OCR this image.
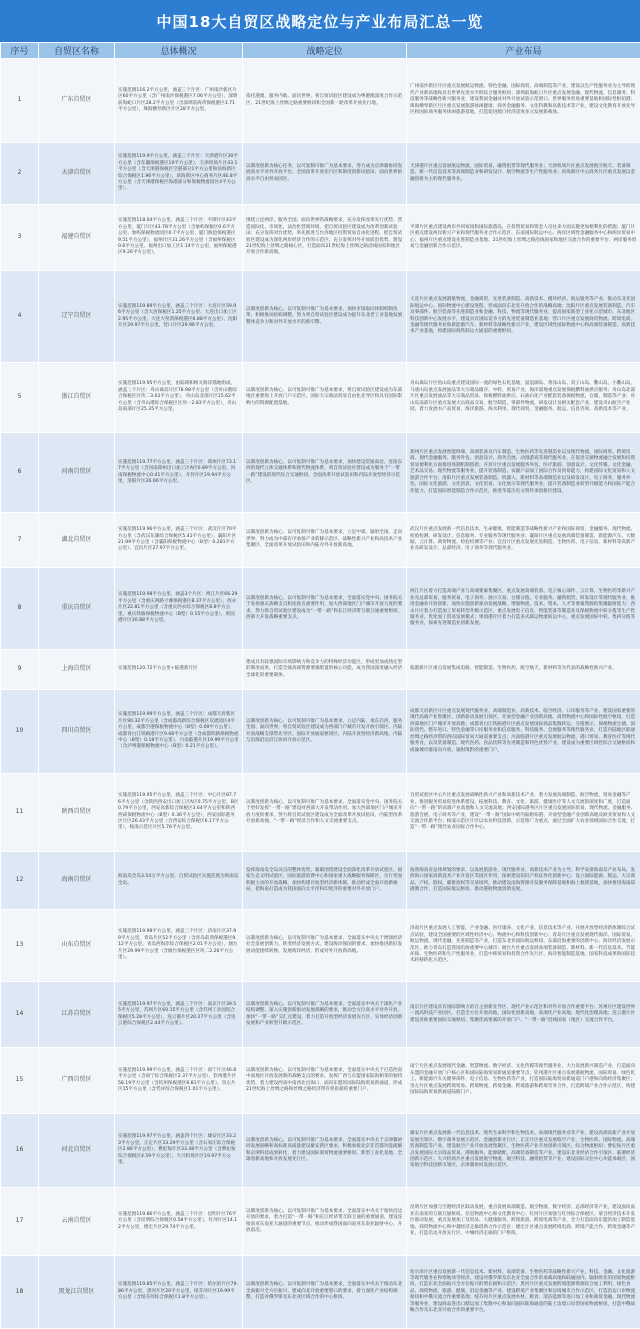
中国18大自贸区战略定位与产业布局汇总一览
序号	自贸区名称	总体概况	战略定位	产业布局
1	广东自贸区	实施范围116.2平方公里，涵盖三个片区：广州南沙新区片区60平方公里（含广州南沙保税港区7.06平方公里），深圳前海蛇口片区28.2平方公里（含深圳前海湾保税港区3.71平方公里），珠海横琴新区片区28平方公里。	依托港澳、服务内地、面向世界，将自贸试验区建设成为粤港澳深度合作示范区、21世纪海上丝绸之路重要枢纽和全国新一轮改革开放先行地。	广州南沙新区片区重点发展航运物流、特色金融、国际商贸、高端制造等产业，建设以生产性服务业为主导的现代产业新高地和具有世界先进水平的综合服务枢纽；深圳前海蛇口片区重点发展金融、现代物流、信息服务、科技服务等战略性新兴服务业，建设我国金融业对外开放试验示范窗口、世界服务贸易重要基地和国际性枢纽港；珠海横琴新区片区重点发展旅游休闲健康、商务金融服务、文化科教和高新技术等产业，建设文化教育开放先导区和国际商务服务休闲旅游基地，打造促进澳门经济适度多元发展新载体。
2	天津自贸区	实施范围119.9平方公里，涵盖三个片区：天津港片区30平方公里（含东疆保税港区10平方公里），天津机场片区43.1平方公里（含天津港保税区空港部分1平方公里和滨海新区综合保税区1.96平方公里），滨海新区中心商务片区46.8平方公里（含天津港保税区海港部分和保税物流园区4平方公里）。	以制度创新为核心任务，以可复制可推广为基本要求，努力成为京津冀协同发展高水平对外开放平台、全国改革开放先行区和制度创新试验田、面向世界的高水平自由贸易园区。	天津港片区重点发展航运物流、国际贸易、融资租赁等现代服务业；天津机场片区重点发展航空航天、装备制造、新一代信息技术等高端制造业和研发设计、航空物流等生产性服务业；滨海新区中心商务片区重点发展以金融创新为主的现代服务业。
3	福建自贸区	实施范围118.04平方公里，涵盖三个片区：平潭片区43平方公里，厦门片区43.78平方公里（含象屿保税区0.6平方公里、象屿保税物流园区0.7平方公里、厦门海沧保税港区9.51平方公里），福州片区31.26平方公里（含福州保税区0.6平方公里、福州出口加工区1.14平方公里、福州保税港区9.26平方公里）。	围绕立足两岸、服务全国、面向世界的战略要求，充分发挥改革先行优势，营造国际化、市场化、法治化营商环境，把自贸试验区建设成为改革创新试验田；充分发挥对台优势，率先推进与台湾地区投资贸易自由化进程，把自贸试验区建设成为深化两岸经济合作的示范区；充分发挥对外开放前沿优势，建设21世纪海上丝绸之路核心区，打造面向21世纪海上丝绸之路沿线国家和地区开放合作新高地。	平潭片区重点建设两岸共同家园和国际旅游岛，在投资贸易和资金人员往来方面实施更加便利化的措施；厦门片区重点建设两岸新兴产业和现代服务业合作示范区、东南国际航运中心、两岸区域性金融服务中心和两岸贸易中心；福州片区重点建设先进制造业基地、21世纪海上丝绸之路沿线国家和地区交流合作的重要平台、两岸服务贸易与金融创新合作示范区。
4	辽宁自贸区	实施范围119.89平方公里，涵盖三个片区：大连片区59.96平方公里（含大连保税区1.25平方公里、大连出口加工区2.95平方公里、大连大窑湾保税港区6.88平方公里），沈阳片区29.97平方公里，营口片区29.96平方公里。	以制度创新为核心，以可复制可推广为基本要求，加快市场取向体制机制改革、积极推动结构调整，努力将自贸试验区建设成为提升东北老工业基地发展整体竞争力和对外开放水平的新引擎。	大连片区重点发展港航物流、金融商贸、先进装备制造、高新技术、循环经济、航运服务等产业，推动东北亚国际航运中心、国际物流中心建设进程，形成面向东北亚开放合作的战略高地；沈阳片区重点发展装备制造、汽车及零部件、航空装备等先进制造业和金融、科技、物流等现代服务业，提高国家新型工业化示范城市、东北地区科技创新中心发展水平，建设具有国际竞争力的先进装备制造业基地；营口片区重点发展商贸物流、跨境电商、金融等现代服务业和新能源汽车、新材料等战略性新兴产业，建设区域性国际物流中心和高端装备制造、高新技术产业基地，构建国际海铁联运大通道的重要枢纽。
5	浙江自贸区	实施范围119.95平方公里，由陆域和相关海洋锚地组成，涵盖三个片区：舟山离岛片区78.98平方公里（含舟山港综合保税区区块二3.02平方公里），舟山岛北部片区15.62平方公里（含舟山港综合保税区区块一2.83平方公里），舟山岛南部片区25.35平方公里。	以制度创新为核心，以可复制可推广为基本要求，将自贸试验区建设成为东部地区重要海上开放门户示范区、国际大宗商品贸易自由化先导区和具有国际影响力的资源配置基地。	舟山离岛片区鱼山岛重点建设国际一流的绿色石化基地，鼠浪湖岛、黄泽山岛、双子山岛、衢山岛、小衢山岛、马迹山岛重点发展油品等大宗商品储存、中转、贸易产业，海洋锚地重点发展保税燃料油供应服务；舟山岛北部片区重点发展油品等大宗商品贸易、保税燃料油供应、石油石化产业配套装备保税物流、仓储、制造等产业；舟山岛南部片区重点发展大宗商品交易、航空制造、零部件物流、研发设计及相关配套产业，建设舟山航空产业园，着力发展水产品贸易、海洋旅游、海水利用、现代商贸、金融服务、航运、信息咨询、高新技术等产业。
6	河南自贸区	实施范围119.77平方公里，涵盖三个片区：郑州片区73.17平方公里（含河南郑州出口加工区A区0.89平方公里、河南保税物流中心0.41平方公里），开封片区19.94平方公里，洛阳片区26.66平方公里。	以制度创新为核心，以可复制可推广为基本要求，加快建设贯通南北、连接东西的现代立体交通体系和现代物流体系，将自贸试验区建设成为服务于“一带一路”建设的现代综合交通枢纽、全面改革开放试验田和内陆开放型经济示范区。	郑州片区重点发展智能终端、高端装备及汽车制造、生物医药等先进制造业以及现代物流、国际商贸、跨境电商、现代金融服务、服务外包、创意设计、商务会展、动漫游戏等现代服务业，在促进交通物流融合发展和投资贸易便利化方面推进体制机制创新；开封片区重点发展服务外包、医疗旅游、创意设计、文化传媒、文化金融、艺术品交易、现代物流等服务业，提升装备制造、农副产品加工国际合作及贸易能力，构建国际文化贸易和人文旅游合作平台；洛阳片区重点发展装备制造、机器人、新材料等高端制造业以及研发设计、电子商务、服务外包、国际文化旅游、文化创意、文化贸易、文化展示等现代服务业，提升装备制造业转型升级能力和国际产能合作能力，打造国际智能制造合作示范区，推进华夏历史文明传承创新区建设。
7	湖北自贸区	实施范围119.96平方公里，涵盖三个片区：武汉片区70平方公里（含武汉东湖综合保税区5.41平方公里），襄阳片区21.99平方公里（含襄阳保税物流中心（B型）0.281平方公里），宜昌片区27.97平方公里。	以制度创新为核心，以可复制可推广为基本要求，立足中部、辐射全国、走向世界，努力成为中部有序承接产业转移示范区、战略性新兴产业和高技术产业集聚区、全面改革开放试验田和内陆对外开放新高地。	武汉片区重点发展新一代信息技术、生命健康、智能制造等战略性新兴产业和国际商贸、金融服务、现代物流、检验检测、研发设计、信息服务、专业服务等现代服务业；襄阳片区重点发展高端装备制造、新能源汽车、大数据、云计算、商贸物流、检验检测等产业；宜昌片区重点发展先进制造、生物医药、电子信息、新材料等高新产业及研发设计、总部经济、电子商务等现代服务业。
8	重庆自贸区	实施范围119.98平方公里，涵盖3个片区：两江片区66.29平方公里（含重庆两路寸滩保税港区8.37平方公里），西永片区22.81平方公里（含重庆西永综合保税区8.8平方公里、重庆铁路保税物流中心（B型）0.15平方公里），果园港片区30.88平方公里。	以制度创新为核心，以可复制可推广为基本要求，全面落实党中央、国务院关于发挥重庆战略支点和连接点重要作用、加大西部地区门户城市开放力度的要求，努力将自贸试验区建设成为“一带一路”和长江经济带互联互通重要枢纽、西部大开发战略重要支点。	两江片区着力打造高端产业与高端要素集聚区，重点发展高端装备、电子核心部件、云计算、生物医药等新兴产业及总部贸易、服务贸易、电子商务、展示交易、仓储分拨、专业服务、融资租赁、研发设计等现代服务业，推进金融业开放创新，加快实施创新驱动发展战略，增强物流、技术、资本、人才等要素资源的集聚辐射能力；西永片区着力打造加工贸易转型升级示范区，重点发展电子信息、智能装备等制造业及保税物流中转分拨等生产性服务业，优化加工贸易发展模式；果园港片区着力打造多式联运物流转运中心，重点发展国际中转、集拼分拨等服务业，探索先进制造业创新发展。
9	上海自贸区	实施范围120.72平方公里+临港新片区	建成具有较强国际市场影响力和竞争力的特殊经济功能区，形成更加成熟定型的制度成果，打造全球高端资源要素配置的核心功能，成为我国深度融入经济全球化的重要载体。	临港新片区重点发展集成电路、智能制造、生物医药、航空航天、新材料等为代表的战略性新兴产业。
10	四川自贸区	实施范围119.99平方公里，涵盖三个片区：成都天府新区片区90.32平方公里（含成都高新综合保税区双流园区4平方公里、成都空港保税物流中心（B型）0.09平方公里），成都青白江铁路港片区9.68平方公里（含成都铁路保税物流中心（B型）0.18平方公里），川南临港片区19.99平方公里（含泸州港保税物流中心（B型）0.21平方公里）。	以制度创新为核心，以可复制可推广为基本要求，立足内陆、承东启西，服务全国、面向世界，将自贸试验区建设成为西部门户城市开发开放引领区、内陆开放战略支撑带先导区、国际开放通道枢纽区、内陆开放型经济新高地、内陆与沿海沿边沿江协同开放示范区。	成都天府新区片区重点发展现代服务业、高端制造业、高新技术、临空经济、口岸服务等产业，建设国家重要的现代高端产业集聚区、创新驱动发展引领区、开放型金融产业创新高地、商贸物流中心和国际性航空枢纽，打造西部地区门户城市开放高地；成都青白江铁路港片区重点发展国际商品集散转运、分拨展示、保税物流仓储、国际货代、整车进口、特色金融等口岸服务业和信息服务、科技服务、会展服务等现代服务业，打造内陆地区联通丝绸之路经济带的西向国际贸易大通道重要支点；川南临港片区重点发展航运物流、港口贸易、教育医疗等现代服务业，以及装备制造、现代医药、食品饮料等先进制造和特色优势产业，建设成为重要区域性综合交通枢纽和成渝城市群南向开放、辐射滇黔的重要门户。
11	陕西自贸区	实施范围119.95平方公里，涵盖三个片区：中心片区87.76平方公里（含陕西西安出口加工区A区0.75平方公里、B区0.79平方公里，西安高新综合保税区3.64平方公里和陕西西咸保税物流中心（B型）0.36平方公里），西安国际港务区片区26.43平方公里（含西安综合保税区6.17平方公里），杨凌示范区片区5.76平方公里。	以制度创新为核心，以可复制可推广为基本要求，全面落实党中央、国务院关于更好发挥“一带一路”建设对西部大开发带动作用、加大西部地区门户城市开放力度的要求，努力将自贸试验区建设成为全面改革开放试验田、内陆型改革开放新高地、“一带一路”经济合作和人文交流重要支点。	自贸试验区中心片区重点发展战略性新兴产业和高新技术产业，着力发展高端制造、航空物流、贸易金融等产业，推进服务贸易促进体系建设，拓展科技、教育、文化、旅游、健康医疗等人文交流的深度和广度，打造面向“一带一路”的高端产业高地和人文交流高地；西安国际港务区片区重点发展国际贸易、现代物流、金融服务、旅游会展、电子商务等产业，建设“一带一路”国际中转内陆枢纽港、开放型金融产业创新高地及欧亚贸易和人文交流合作新平台；杨凌示范区片区以农业科技创新、示范推广为重点，通过全面扩大农业领域国际合作交流，打造“一带一路”现代农业国际合作中心。
12	海南自贸区	海南岛全岛3.54万平方公里，自贸试验区实施范围为海南岛全岛。	发挥海南岛全岛试点的整体优势，紧紧围绕建设全面深化改革开放试验区、国家生态文明试验区、国际旅游消费中心和国家重大战略服务保障区，实行更加积极主动的开放战略，加快构建开放型经济新体制，推动形成全面开放新格局，把海南打造成为我国面向太平洋和印度洋的重要对外开放门户。	按照海南省总体规划的要求，以发展旅游业、现代服务业、高新技术产业为主导，科学安排海南岛产业布局。发挥海口国家高新技术产业开发区等园区作用，探索建设知识产权证券化创新中心；设立国际能源、航运、大宗商品、产权、股权、碳排放权等交易场所，推动建设南海资源开发服务保障基地和海上救援基地，加快推进海南琼港澳合作，打造国际航运枢纽，推动港航物流创新发展。
13	山东自贸区	实施范围119.98平方公里，涵盖三个片区：济南片区37.99平方公里，青岛片区52平方公里（含青岛前湾保税港区9.12平方公里、青岛西海岸综合保税区2.01平方公里），烟台片区29.99平方公里（含烟台保税港区区块二2.26平方公里）。	以制度创新为核心，以可复制可推广为基本要求，全面落实中央关于增强经济社会发展创新力、转变经济发展方式、建设海洋强国的要求，加快推进新旧发展动能接续转换、发展海洋经济，形成对外开放新高地。	济南片区重点发展人工智能、产业金融、医疗康养、文化产业、信息技术等产业，开展开放型经济新体制综合试点试验，建设全国重要的区域性经济中心、物流中心和科技创新中心；青岛片区重点发展现代海洋、国际贸易、航运物流、现代金融、先进制造等产业，打造东北亚国际航运枢纽、东部沿海重要的创新中心、海洋经济发展示范区，助力青岛打造我国沿海重要中心城市；烟台片区重点发展高端装备制造、新材料、新一代信息技术、节能环保、生物医药和生产性服务业，打造中韩贸易和投资合作先行区、海洋智能制造基地、国家科技成果和国际技术转移转化示范区。
14	江苏自贸区	实施范围119.97平方公里，涵盖三个片区：南京片区39.55平方公里，苏州片区60.15平方公里（含苏州工业园综合保税区5.28平方公里），连云港片区20.27平方公里（含连云港综合保税区2.44平方公里）。	以制度创新为核心，以可复制可推广为基本要求，全面落实中央关于深化产业结构调整、深入实施创新驱动发展战略的要求，推动全方位高水平对外开放，加快“一带一路”交汇点建设，着力打造开放型经济发展先行区、实体经济创新发展和产业转型升级示范区。	南京片区建设具有国际影响力的自主创新先导区、现代产业示范区和对外开放合作重要平台；苏州片区建设世界一流高科技产业园区，打造全方位开放高地、国际化创新高地、高端化产业高地、现代化治理高地；连云港片区建设亚欧重要国际交通枢纽、集聚优质要素的开放门户、“一带一路”沿线国家（地区）交流合作平台。
15	广西自贸区	实施范围119.99平方公里，涵盖三个片区：南宁片区46.8平方公里（含南宁综合保税区2.37平方公里），钦州港片区58.19平方公里（含钦州保税港区8.81平方公里），崇左片区15平方公里（含凭祥综合保税区1.01平方公里）。	以制度创新为核心，以可复制可推广为基本要求，全面落实中央关于打造西南中南地区开放发展新的战略支点的要求，发挥广西与东盟国家陆海相邻的独特优势，着力建设西南中南西北出海口、面向东盟的国际陆海贸易新通道，形成21世纪海上丝绸之路和丝绸之路经济带有机衔接的重要门户。	南宁片区重点发展现代金融、智慧物流、数字经济、文化传媒等现代服务业，大力发展新兴制造产业，打造面向东盟的金融开放门户核心区和国际陆海贸易新通道重要节点；钦州港片区重点发展港航物流、国际贸易、绿色化工、新能源汽车关键零部件、电子信息、生物医药等产业，打造国际陆海贸易新通道门户港和向海经济集聚区；崇左片区重点发展跨境贸易、跨境物流、跨境金融、跨境旅游和跨境劳务合作，打造跨境产业合作示范区，构建国际陆海贸易新通道陆路门户。
16	河北自贸区	实施范围119.97平方公里，涵盖四个片区：雄安片区33.23平方公里，正定片区33.29平方公里（含石家庄综合保税区2.86平方公里），曹妃甸片区33.48平方公里（含曹妃甸综合保税区4.59平方公里），大兴机场片区19.97平方公里。	以制度创新为核心，以可复制可推广为基本要求，全面落实中央关于京津冀协同发展战略和高标准高质量建设雄安新区要求，积极承接北京非首都功能疏解和京津科技成果转化，着力建设国际商贸物流重要枢纽、新型工业化基地、全球创新高地和开放发展先行区。	雄安片区重点发展新一代信息技术、现代生命科学和生物技术、高端现代服务业等产业，建设高端高新产业开放发展引领区、数字商务发展示范区、金融创新先行区；正定片区重点发展临空产业、生物医药、国际物流、高端装备制造等产业，建设航空产业开放发展集聚区、生物医药产业开放创新引领区、综合物流枢纽；曹妃甸片区重点发展国际大宗商品贸易、港航服务、能源储配、高端装备制造等产业，建设东北亚经济合作引领区、临港经济创新示范区；大兴机场片区重点发展航空物流、航空科技、融资租赁等产业，建设国际交往中心功能承载区、国家航空科技创新引领区、京津冀协同发展示范区。
17	云南自贸区	实施范围119.86平方公里，涵盖三个片区：昆明片区76平方公里（含昆明综合保税区0.58平方公里），红河片区14.12平方公里，德宏片区29.74平方公里。	以制度创新为核心，以可复制可推广为基本要求，全面落实中央关于加快沿边开放的要求，着力打造“一带一路”和长江经济带互联互通的重要通道，建设连接南亚东南亚大通道的重要节点，推动形成我国面向南亚东南亚辐射中心、开放前沿。	昆明片区加强与空港经济区联动发展，重点发展高端制造、航空物流、数字经济、总部经济等产业，建设面向南亚东南亚的互联互通枢纽、信息物流中心和文化教育中心；红河片区加强与红河综合保税区、蒙自经济技术开发区联动发展，重点发展加工及贸易、大健康服务、跨境旅游、跨境电商等产业，全力打造面向东盟的加工制造基地、商贸物流中心和中越经济走廊创新合作示范区；德宏片区重点发展跨境电商、跨境产能合作、跨境金融等产业，打造沿边开放先行区、中缅经济走廊的门户枢纽。
18	黑龙江自贸区	实施范围119.85平方公里，涵盖三个片区：哈尔滨片区79.86平方公里，黑河片区20平方公里，绥芬河片区19.99平方公里（含绥芬河综合保税区1.8平方公里）。	以制度创新为核心，以可复制可推广为基本要求，全面落实中央关于推动东北全面振兴全方位振兴、建成向北开放重要窗口的要求，着力深化产业结构调整，打造对俄罗斯及东北亚区域合作的中心枢纽。	哈尔滨片区重点发展新一代信息技术、新材料、高端装备、生物医药等战略性新兴产业，科技、金融、文化旅游等现代服务业和寒地冰雪经济，建设对俄罗斯及东北亚全面合作的承载高地和联通国内、辐射欧亚的国家物流枢纽，打造东北全面振兴全方位振兴的增长极和示范区；黑河片区重点发展跨境能源资源综合加工利用，绿色食品，商贸物流，旅游，健康，沿边金融等产业，建设跨境产业集聚区和边境城市合作示范区，打造沿边口岸物流枢纽和中俄交流合作重要基地；绥芬河片区重点发展木材、粮食、清洁能源等进口加工业和商贸金融、现代物流等服务业，建设商品进出口储运加工集散中心和面向国际陆海通道的陆上边境口岸型国家物流枢纽，打造中俄战略合作及东北亚开放合作的重要平台。
